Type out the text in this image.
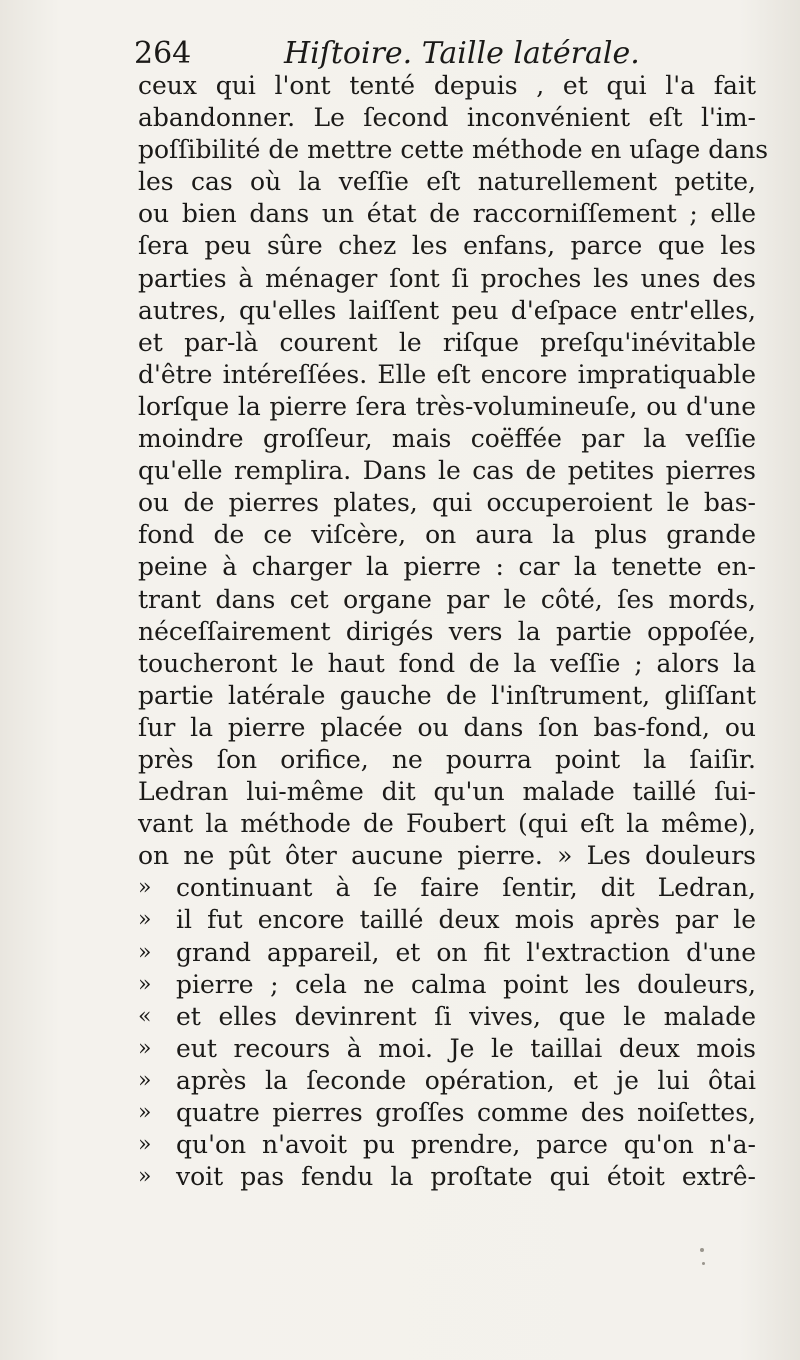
264	Hiſtoire. Taille latérale.
ceux qui l'ont tenté depuis , et qui l'a fait
abandonner. Le ſecond inconvénient eſt l'im-
poſſibilité de mettre cette méthode en uſage dans
les cas où la veſſie eſt naturellement petite,
ou bien dans un état de raccorniſſement ; elle
ſera peu sûre chez les enfans, parce que les
parties à ménager ſont ſi proches les unes des
autres, qu'elles laiſſent peu d'eſpace entr'elles,
et par-là courent le riſque preſqu'inévitable
d'être intéreſſées. Elle eſt encore impratiquable
lorſque la pierre ſera très-volumineuſe, ou d'une
moindre groſſeur, mais coëffée par la veſſie
qu'elle remplira. Dans le cas de petites pierres
ou de pierres plates, qui occuperoient le bas-
fond de ce viſcère, on aura la plus grande
peine à charger la pierre : car la tenette en-
trant dans cet organe par le côté, ſes mords,
néceſſairement dirigés vers la partie oppoſée,
toucheront le haut fond de la veſſie ; alors la
partie latérale gauche de l'inſtrument, gliſſant
ſur la pierre placée ou dans ſon bas-fond, ou
près ſon orifice, ne pourra point la ſaiſir.
Ledran lui-même dit qu'un malade taillé ſui-
vant la méthode de Foubert (qui eſt la même),
on ne pût ôter aucune pierre. » Les douleurs
» continuant à ſe faire ſentir, dit Ledran,
» il fut encore taillé deux mois après par le
» grand appareil, et on fit l'extraction d'une
» pierre ; cela ne calma point les douleurs,
« et elles devinrent ſi vives, que le malade
» eut recours à moi. Je le taillai deux mois
» après la ſeconde opération, et je lui ôtai
» quatre pierres groſſes comme des noiſettes,
» qu'on n'avoit pu prendre, parce qu'on n'a-
» voit pas fendu la proſtate qui étoit extrê-
